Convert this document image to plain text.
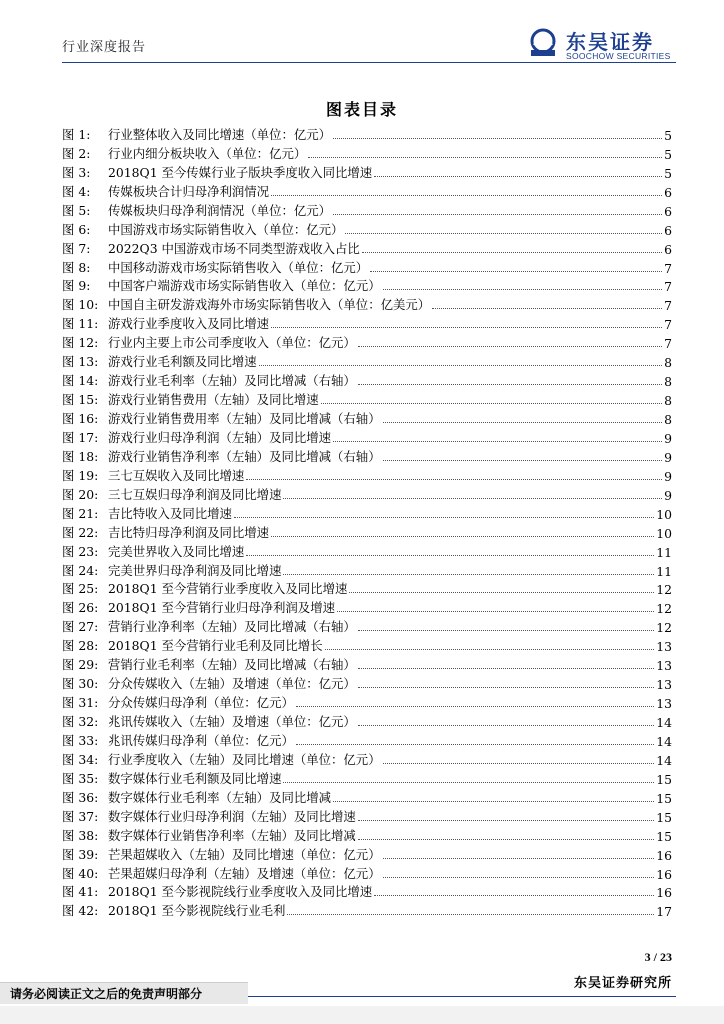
行业深度报告	东吴证券
SOOCHOW SECURITIES
图表目录
图 1:	行业整体收入及同比增速（单位：亿元）	5
图 2:	行业内细分板块收入（单位：亿元）	5
图 3:	2018Q1 至今传媒行业子版块季度收入同比增速	5
图 4:	传媒板块合计归母净利润情况	6
图 5:	传媒板块归母净利润情况（单位：亿元）	6
图 6:	中国游戏市场实际销售收入（单位：亿元）	6
图 7:	2022Q3 中国游戏市场不同类型游戏收入占比	6
图 8:	中国移动游戏市场实际销售收入（单位：亿元）	7
图 9:	中国客户端游戏市场实际销售收入（单位：亿元）	7
图 10: 中国自主研发游戏海外市场实际销售收入（单位：亿美元）	7
图 11: 游戏行业季度收入及同比增速	7
图 12: 行业内主要上市公司季度收入（单位：亿元）	7
图 13: 游戏行业毛利额及同比增速	8
图 14: 游戏行业毛利率（左轴）及同比增减（右轴）	8
图 15: 游戏行业销售费用（左轴）及同比增速	8
图 16: 游戏行业销售费用率（左轴）及同比增减（右轴）	8
图 17: 游戏行业归母净利润（左轴）及同比增速	9
图 18: 游戏行业销售净利率（左轴）及同比增减（右轴）	9
图 19: 三七互娱收入及同比增速	9
图 20: 三七互娱归母净利润及同比增速	9
图 21: 吉比特收入及同比增速	10
图 22: 吉比特归母净利润及同比增速	10
图 23: 完美世界收入及同比增速	11
图 24: 完美世界归母净利润及同比增速	11
图 25: 2018Q1 至今营销行业季度收入及同比增速	12
图 26: 2018Q1 至今营销行业归母净利润及增速	12
图 27: 营销行业净利率（左轴）及同比增减（右轴）	12
图 28: 2018Q1 至今营销行业毛利及同比增长	13
图 29: 营销行业毛利率（左轴）及同比增减（右轴）	13
图 30: 分众传媒收入（左轴）及增速（单位：亿元）	13
图 31: 分众传媒归母净利（单位：亿元）	13
图 32: 兆讯传媒收入（左轴）及增速（单位：亿元）	14
图 33: 兆讯传媒归母净利（单位：亿元）	14
图 34: 行业季度收入（左轴）及同比增速（单位：亿元）	14
图 35: 数字媒体行业毛利额及同比增速	15
图 36: 数字媒体行业毛利率（左轴）及同比增减	15
图 37: 数字媒体行业归母净利润（左轴）及同比增速	15
图 38: 数字媒体行业销售净利率（左轴）及同比增减	15
图 39: 芒果超媒收入（左轴）及同比增速（单位：亿元）	16
图 40: 芒果超媒归母净利（左轴）及增速（单位：亿元）	16
图 41: 2018Q1 至今影视院线行业季度收入及同比增速	16
图 42: 2018Q1 至今影视院线行业毛利	17
3 / 23
东吴证券研究所
请务必阅读正文之后的免责声明部分
